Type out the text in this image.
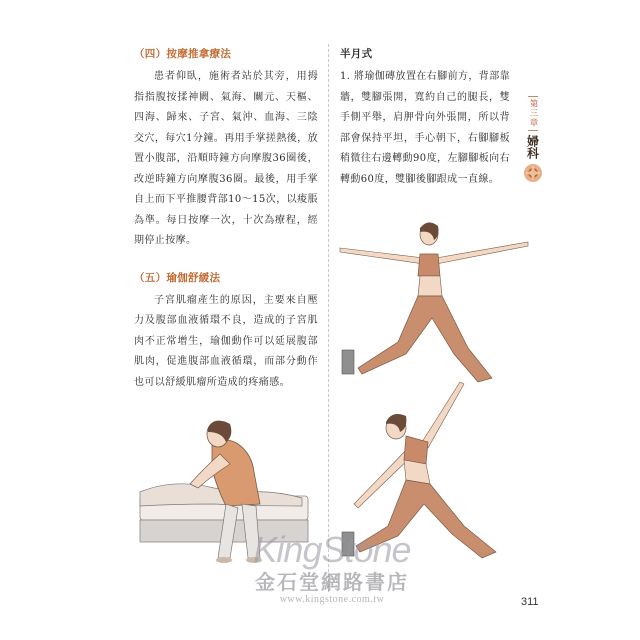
（四）按摩推拿療法

患者仰臥，施術者站於其旁，用拇指指腹按揉神闕、氣海、關元、天樞、四海、歸來、子宮、氣沖、血海、三陰交穴，每穴1分鐘。再用手掌搓熱後，放置小腹部，沿順時鐘方向摩腹36圈後，改逆時鐘方向摩腹36圈。最後，用手掌自上而下平推腰背部10～15次，以痠脹為準。每日按摩一次，十次為療程，經期停止按摩。

（五）瑜伽舒緩法

子宮肌瘤產生的原因，主要來自壓力及腹部血液循環不良，造成的子宮肌肉不正常增生，瑜伽動作可以延展腹部肌肉，促進腹部血液循環，而部分動作也可以舒緩肌瘤所造成的疼痛感。

半月式

1. 將瑜伽磚放置在右腳前方，背部靠牆，雙腳張開，寬約自己的腿長，雙手側平舉，肩胛骨向外張開，所以背部會保持平坦，手心朝下，右腳腳板稍微往右邊轉動90度，左腳腳板向右轉動60度，雙腳後腳跟成一直線。

第三章
婦科
KingStone
金石堂網路書店
www.kingstone.com.tw	311
